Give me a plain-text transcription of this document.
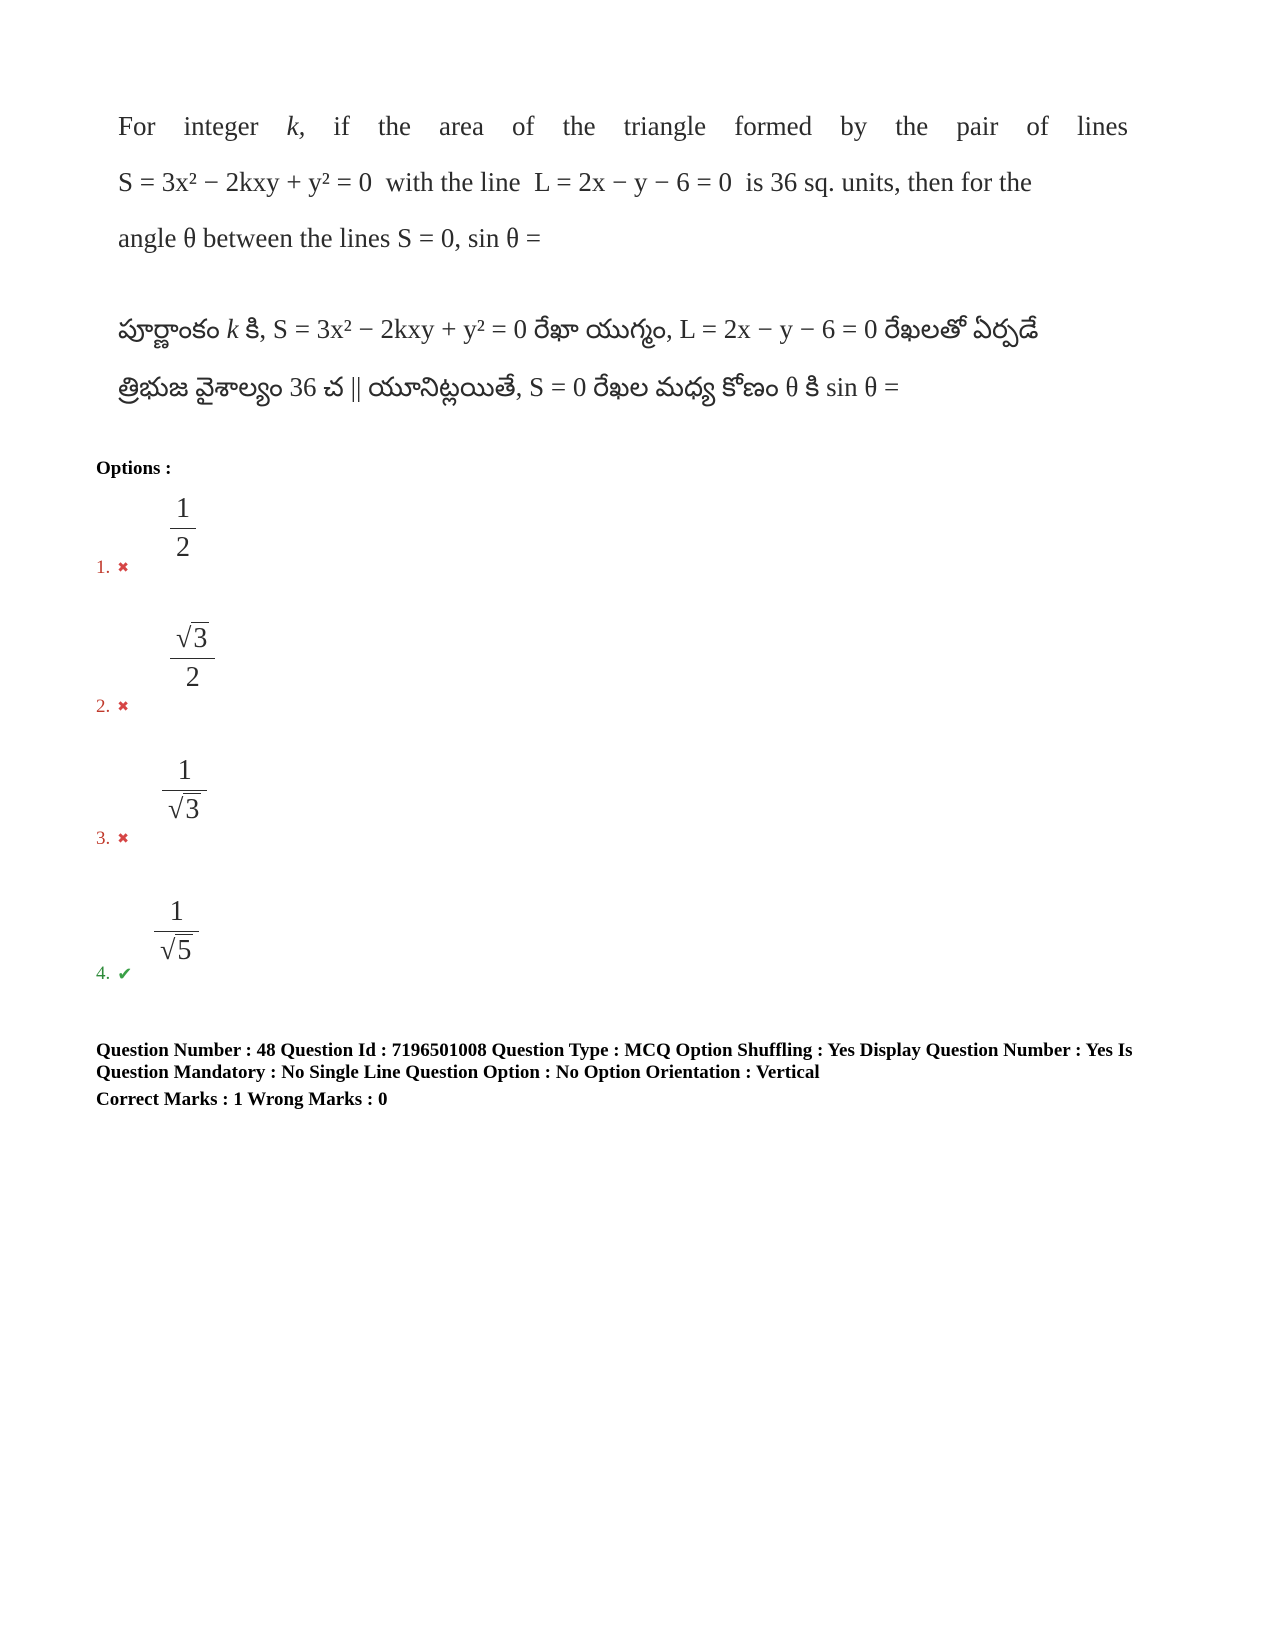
For integer k, if the area of the triangle formed by the pair of lines
S = 3x² − 2kxy + y² = 0 with the line L = 2x − y − 6 = 0 is 36 sq. units, then for the
angle θ between the lines S = 0, sin θ =
పూర్ణాంకం k కి, S = 3x² − 2kxy + y² = 0 రేఖా యుగ్మం, L = 2x − y − 6 = 0 రేఖలతో ఏర్పడే
త్రిభుజ వైశాల్యం 36 చ || యూనిట్లయితే, S = 0 రేఖల మధ్య కోణం θ కి sin θ =
Options :
1
2
1. ✖
√3
2
2. ✖
1
√3
3. ✖
1
√5
4. ✔
Question Number : 48 Question Id : 7196501008 Question Type : MCQ Option Shuffling : Yes Display Question Number : Yes Is
Question Mandatory : No Single Line Question Option : No Option Orientation : Vertical
Correct Marks : 1 Wrong Marks : 0
